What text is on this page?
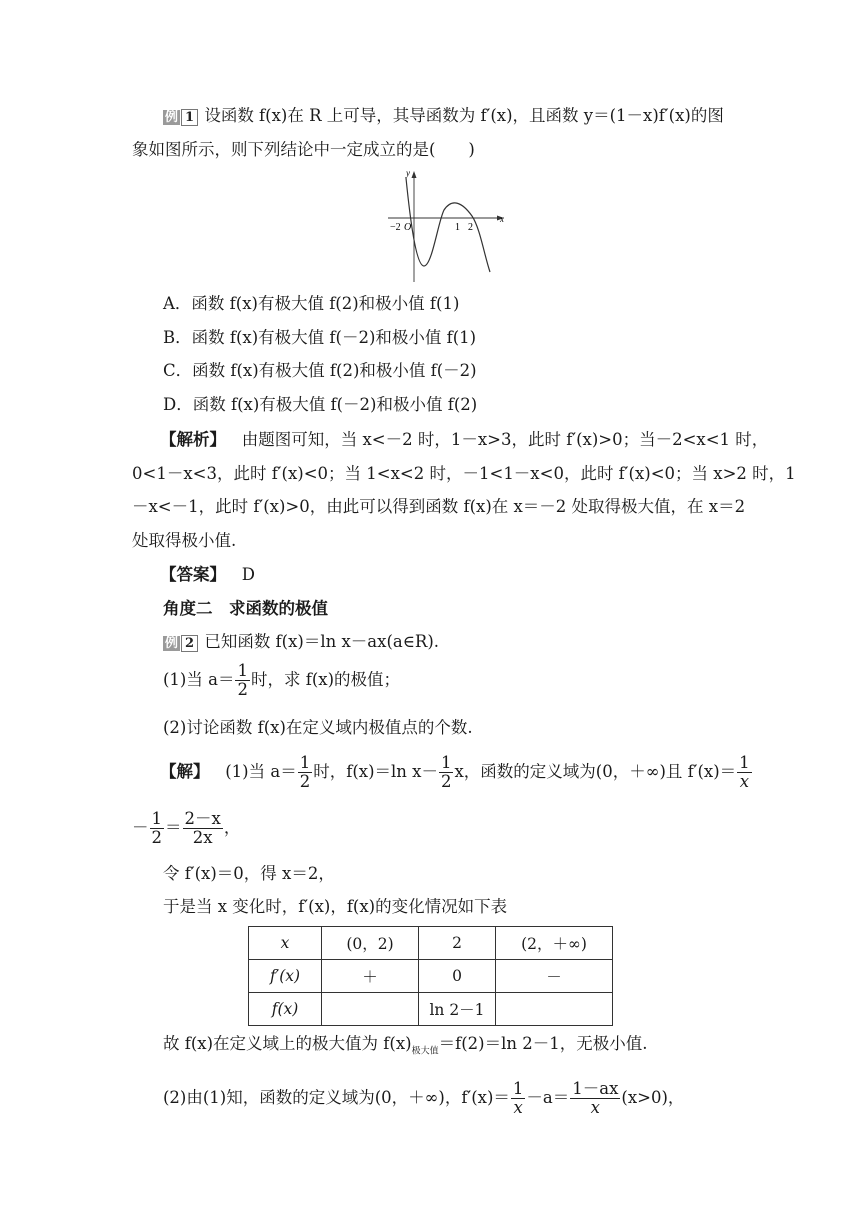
例 1 设函数 f(x)在 R 上可导，其导函数为 f′(x)，且函数 y＝(1－x)f′(x)的图
象如图所示，则下列结论中一定成立的是(　　)
y
x
O
−2	1 2
A．函数 f(x)有极大值 f(2)和极小值 f(1)
B．函数 f(x)有极大值 f(－2)和极小值 f(1)
C．函数 f(x)有极大值 f(2)和极小值 f(－2)
D．函数 f(x)有极大值 f(－2)和极小值 f(2)
【解析】 由题图可知，当 x<－2 时，1－x>3，此时 f′(x)>0；当－2<x<1 时，
0<1－x<3，此时 f′(x)<0；当 1<x<2 时，－1<1－x<0，此时 f′(x)<0；当 x>2 时，1
－x<－1，此时 f′(x)>0，由此可以得到函数 f(x)在 x＝－2 处取得极大值，在 x＝2
处取得极小值.
【答案】 D
角度二　求函数的极值
例 2 已知函数 f(x)＝ln x－ax(a∈R).
(1)当 $a= \frac{1}{2}$ 时，求 f(x)的极值；
(2)讨论函数 f(x)在定义域内极值点的个数.
【解】 (1)当 $a= \frac{1}{2}$ 时，f(x)＝ln $x- \frac{1}{2}$ x，函数的定义域为(0，＋∞)且 $f'(x)= \frac{1}{x}$
－ $\frac{1}{2} = \frac{2-x}{2x}$ ，
令 f′(x)＝0，得 x＝2，
于是当 x 变化时，f′(x)，f(x)的变化情况如下表
x	(0，2)	2	(2，＋∞)
f′(x)	＋	0	－
f(x)		ln 2－1	
故 f(x)在定义域上的极大值为 $f(x)_{极大值}=f(2)=\ln$ 2－1，无极小值.
(2)由(1)知，函数的定义域为(0，＋∞)，$f'(x)= \frac{1}{x} -a= \frac{1-ax}{x} (x>0)$，
